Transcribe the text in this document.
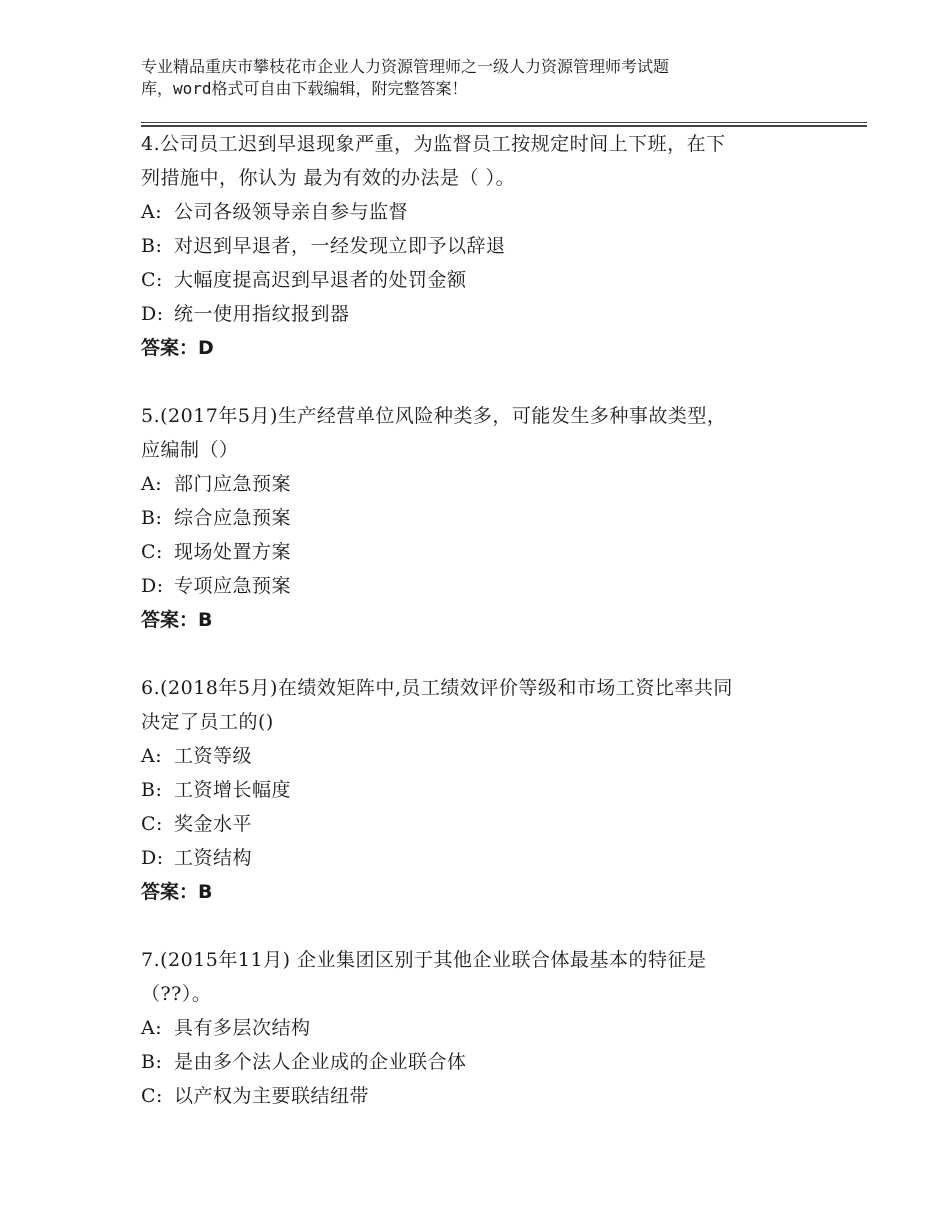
专业精品重庆市攀枝花市企业人力资源管理师之一级人力资源管理师考试题
库，word格式可自由下载编辑，附完整答案！
4.公司员工迟到早退现象严重，为监督员工按规定时间上下班，在下
列措施中，你认为 最为有效的办法是（ ）。
A: 公司各级领导亲自参与监督
B: 对迟到早退者，一经发现立即予以辞退
C: 大幅度提高迟到早退者的处罚金额
D: 统一使用指纹报到器
答案：D
5.(2017年5月)生产经营单位风险种类多，可能发生多种事故类型，
应编制（）
A: 部门应急预案
B: 综合应急预案
C: 现场处置方案
D: 专项应急预案
答案：B
6.(2018年5月)在绩效矩阵中,员工绩效评价等级和市场工资比率共同
决定了员工的()
A: 工资等级
B: 工资增长幅度
C: 奖金水平
D: 工资结构
答案：B
7.(2015年11月) 企业集团区别于其他企业联合体最基本的特征是
（??）。
A: 具有多层次结构
B: 是由多个法人企业成的企业联合体
C: 以产权为主要联结纽带
